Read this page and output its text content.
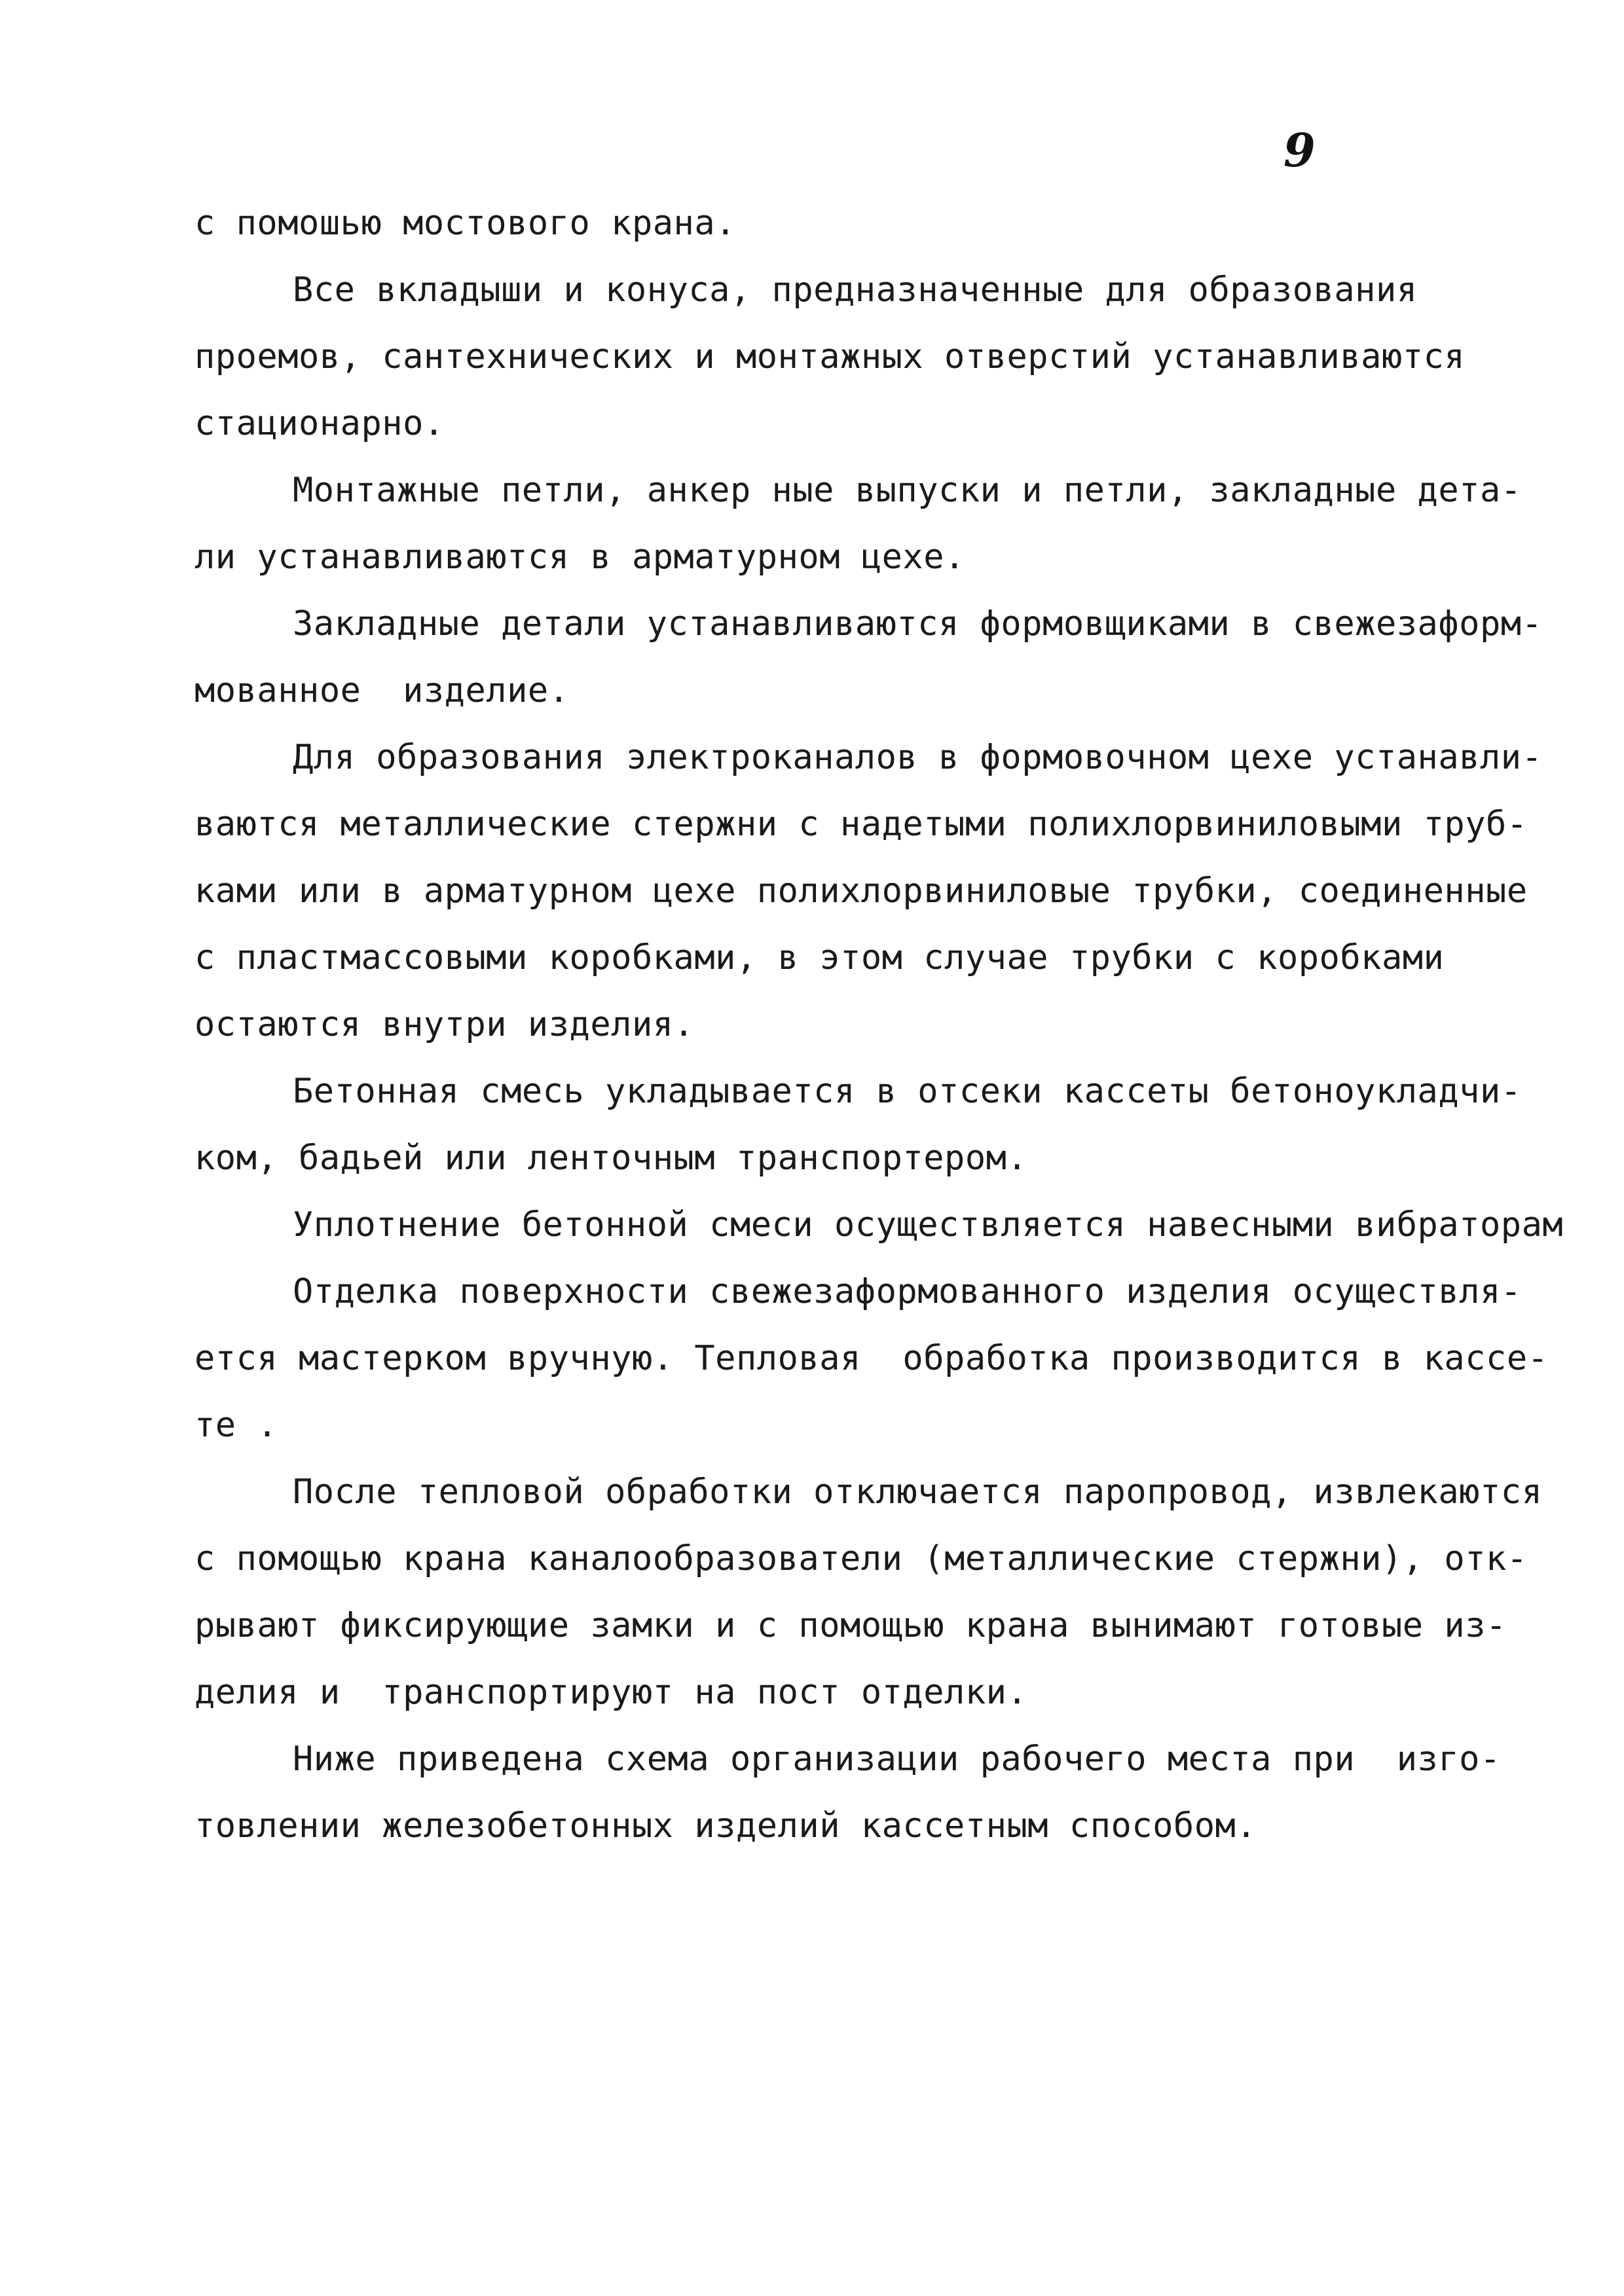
9
с помошью мостового крана.
Все вкладыши и конуса, предназначенные для образования
проемов, сантехнических и монтажных отверстий устанавливаются
стационарно.
Монтажные петли, анкер ные выпуски и петли, закладные дета-
ли устанавливаются в арматурном цехе.
Закладные детали устанавливаются формовщиками в свежезаформ-
мованное  изделие.
Для образования электроканалов в формовочном цехе устанавли-
ваются металлические стержни с надетыми полихлорвиниловыми труб-
ками или в арматурном цехе полихлорвиниловые трубки, соединенные
с пластмассовыми коробками, в этом случае трубки с коробками
остаются внутри изделия.
Бетонная смесь укладывается в отсеки кассеты бетоноукладчи-
ком, бадьей или ленточным транспортером.
Уплотнение бетонной смеси осуществляется навесными вибраторам
Отделка поверхности свежезаформованного изделия осуществля-
ется мастерком вручную. Тепловая  обработка производится в кассе-
те .
После тепловой обработки отключается паропровод, извлекаются
с помощью крана каналообразователи (металлические стержни), отк-
рывают фиксирующие замки и с помощью крана вынимают готовые из-
делия и  транспортируют на пост отделки.
Ниже приведена схема организации рабочего места при  изго-
товлении железобетонных изделий кассетным способом.
